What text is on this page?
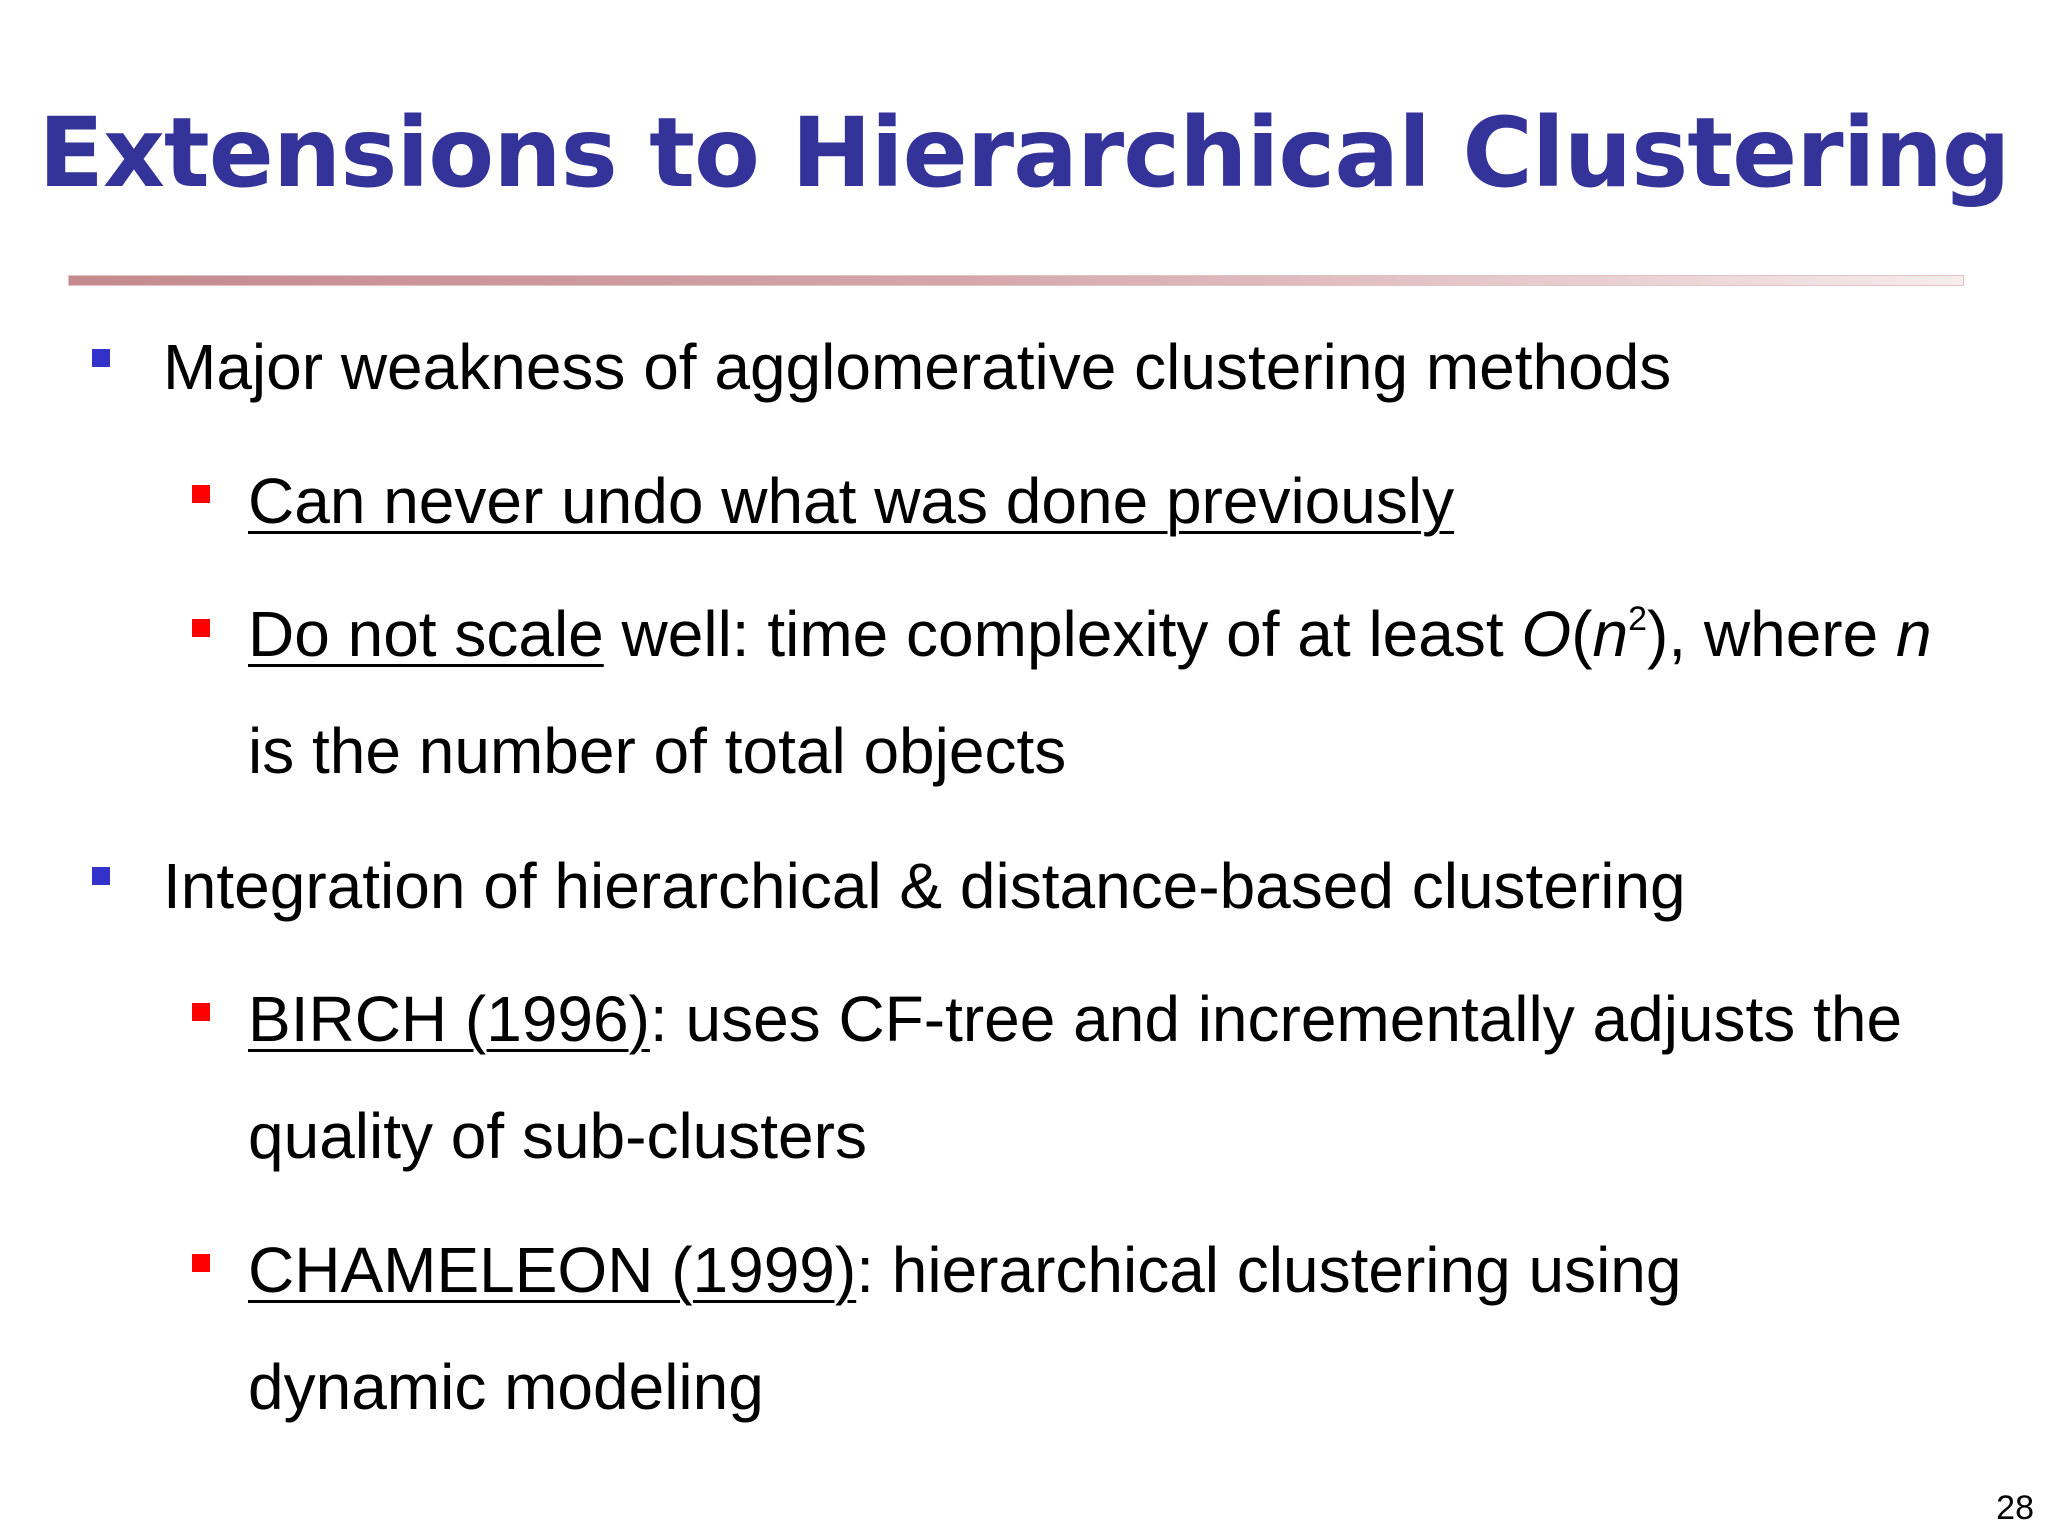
Extensions to Hierarchical Clustering
Major weakness of agglomerative clustering methods
Can never undo what was done previously
Do not scale well: time complexity of at least $O(n^2)$, where n
is the number of total objects
Integration of hierarchical & distance-based clustering
BIRCH (1996): uses CF-tree and incrementally adjusts the
quality of sub-clusters
CHAMELEON (1999): hierarchical clustering using
dynamic modeling
28
